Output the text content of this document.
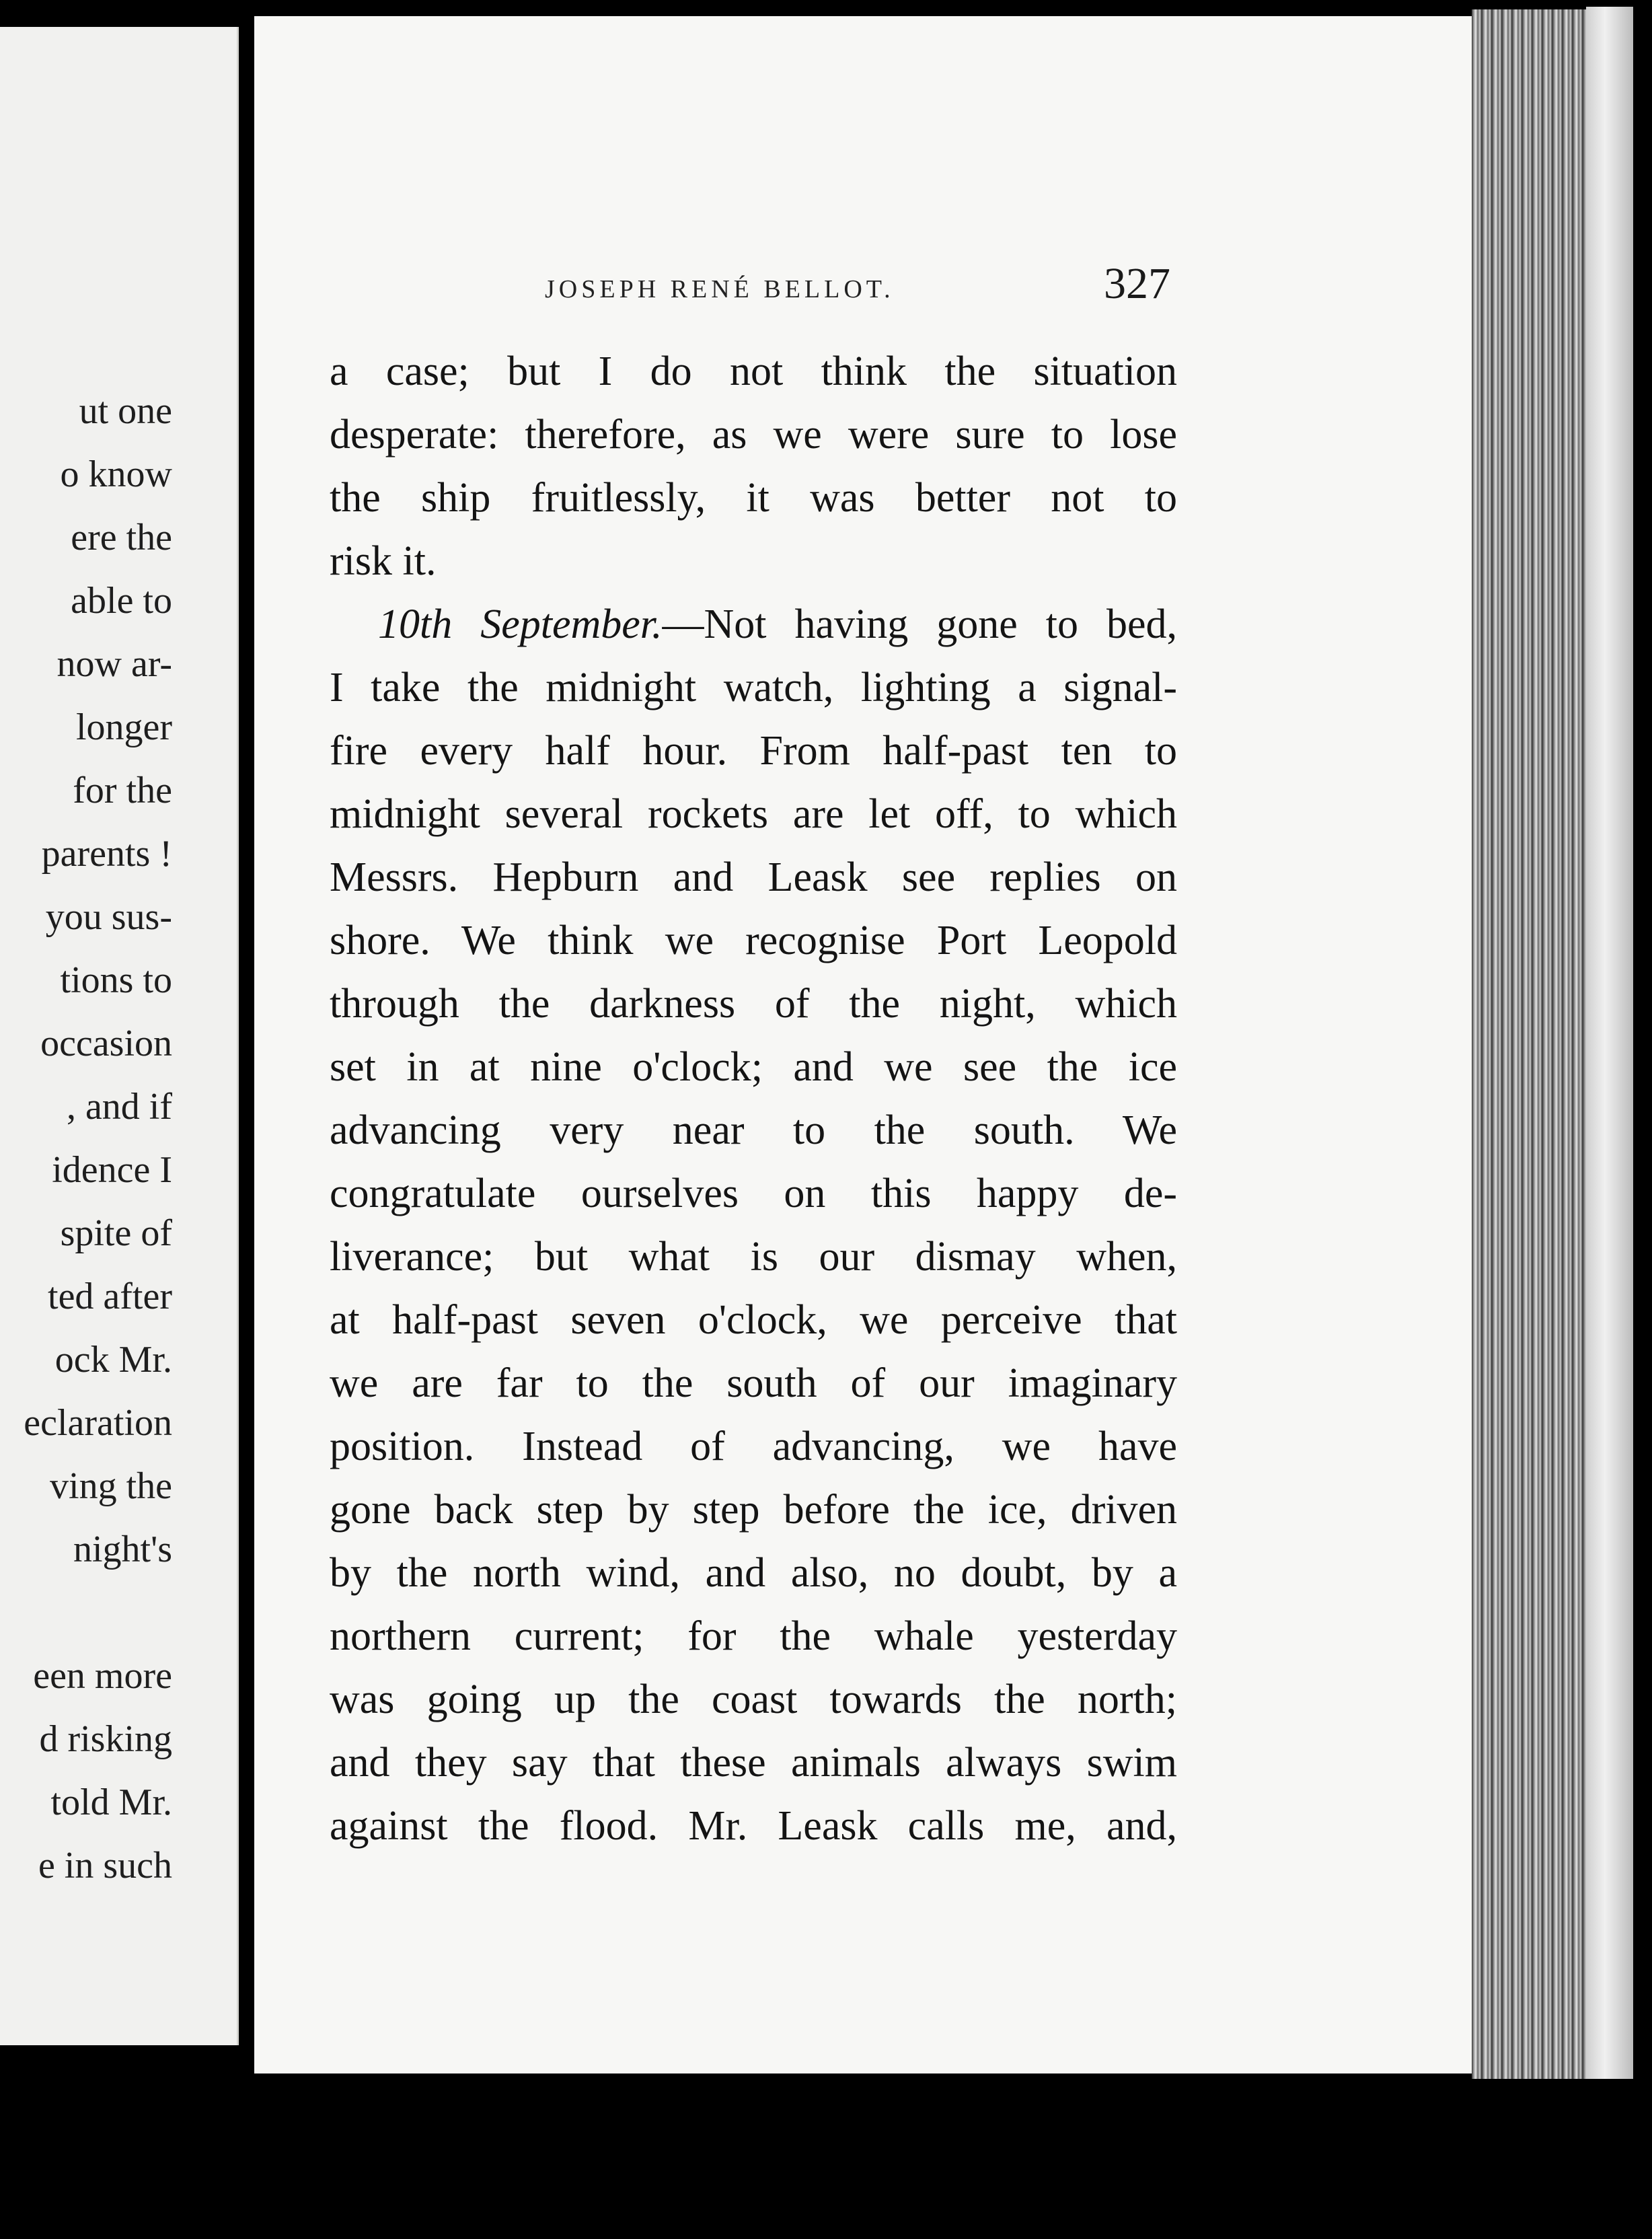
ut one
o know
ere the
able to
now ar-
longer
for the
parents !
you sus-
tions to
occasion
, and if
idence I
spite of
ted after
ock Mr.
eclaration
ving the
night's
een more
d risking
told Mr.
e in such
JOSEPH RENÉ BELLOT.	327
a case; but I do not think the situation
desperate: therefore, as we were sure to lose
the ship fruitlessly, it was better not to
risk it.
10th September.—Not having gone to bed,
I take the midnight watch, lighting a signal-
fire every half hour. From half-past ten to
midnight several rockets are let off, to which
Messrs. Hepburn and Leask see replies on
shore. We think we recognise Port Leopold
through the darkness of the night, which
set in at nine o'clock; and we see the ice
advancing very near to the south. We
congratulate ourselves on this happy de-
liverance; but what is our dismay when,
at half-past seven o'clock, we perceive that
we are far to the south of our imaginary
position. Instead of advancing, we have
gone back step by step before the ice, driven
by the north wind, and also, no doubt, by a
northern current; for the whale yesterday
was going up the coast towards the north;
and they say that these animals always swim
against the flood. Mr. Leask calls me, and,
